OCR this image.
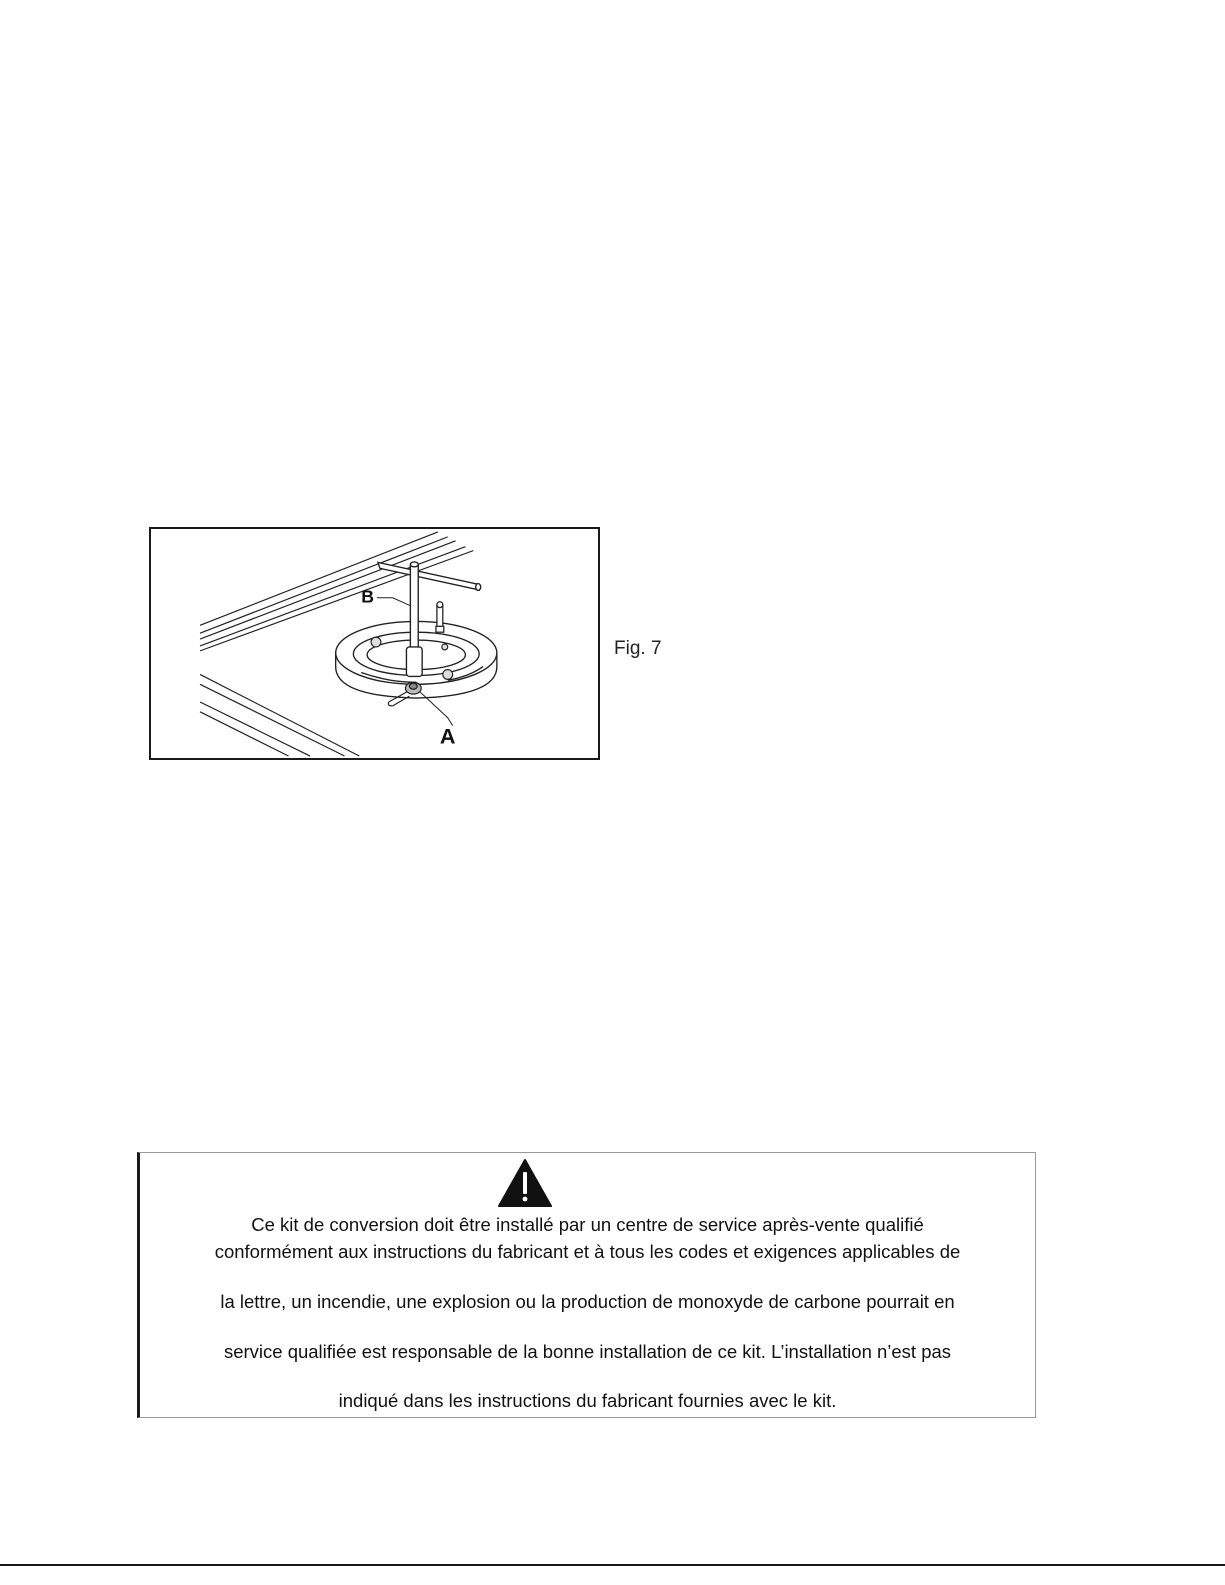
B
A
Fig. 7
Ce kit de conversion doit être installé par un centre de service après-vente qualifié
conformément aux instructions du fabricant et à tous les codes et exigences applicables de
la lettre, un incendie, une explosion ou la production de monoxyde de carbone pourrait en
service qualifiée est responsable de la bonne installation de ce kit. L’installation n’est pas
indiqué dans les instructions du fabricant fournies avec le kit.
